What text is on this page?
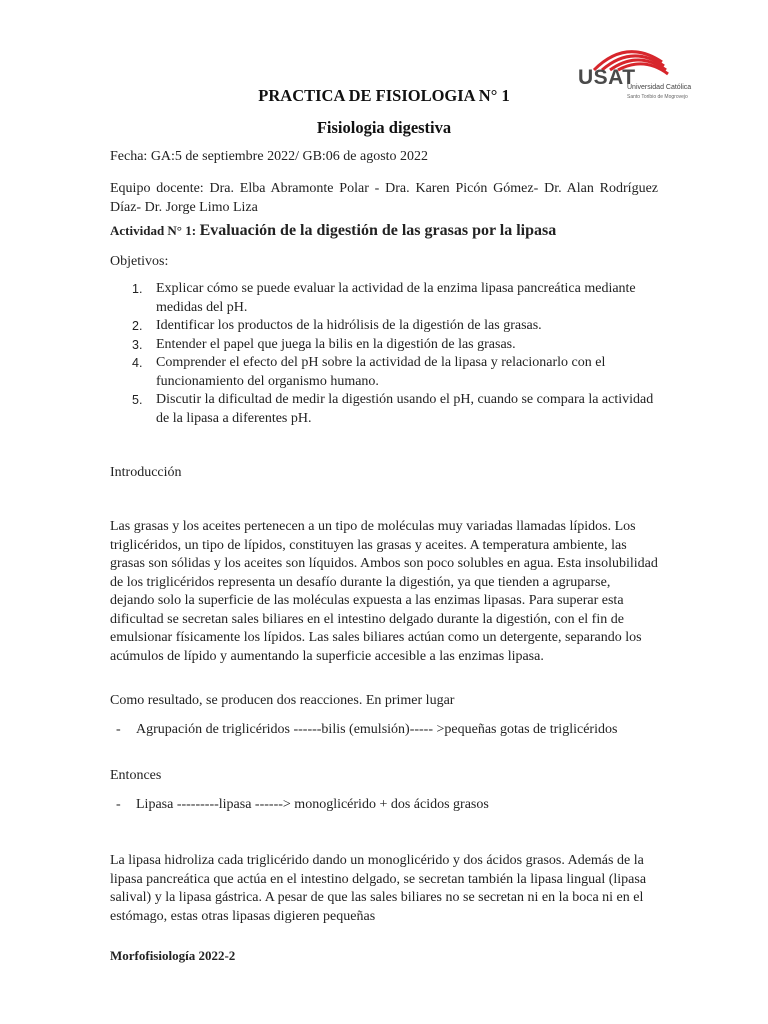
USAT
Universidad Católica
Santo Toribio de Mogrovejo
PRACTICA DE FISIOLOGIA N° 1
Fisiologia digestiva
Fecha: GA:5 de septiembre 2022/ GB:06 de agosto 2022
Equipo docente: Dra. Elba Abramonte Polar - Dra. Karen Picón Gómez- Dr. Alan Rodríguez Díaz- Dr. Jorge Limo Liza
Actividad N° 1: Evaluación de la digestión de las grasas por la lipasa
Objetivos:
1. Explicar cómo se puede evaluar la actividad de la enzima lipasa pancreática mediante medidas del pH.
2. Identificar los productos de la hidrólisis de la digestión de las grasas.
3. Entender el papel que juega la bilis en la digestión de las grasas.
4. Comprender el efecto del pH sobre la actividad de la lipasa y relacionarlo con el funcionamiento del organismo humano.
5. Discutir la dificultad de medir la digestión usando el pH, cuando se compara la actividad de la lipasa a diferentes pH.
Introducción
Las grasas y los aceites pertenecen a un tipo de moléculas muy variadas llamadas lípidos. Los triglicéridos, un tipo de lípidos, constituyen las grasas y aceites. A temperatura ambiente, las grasas son sólidas y los aceites son líquidos. Ambos son poco solubles en agua. Esta insolubilidad de los triglicéridos representa un desafío durante la digestión, ya que tienden a agruparse, dejando solo la superficie de las moléculas expuesta a las enzimas lipasas. Para superar esta dificultad se secretan sales biliares en el intestino delgado durante la digestión, con el fin de emulsionar físicamente los lípidos. Las sales biliares actúan como un detergente, separando los acúmulos de lípido y aumentando la superficie accesible a las enzimas lipasa.
Como resultado, se producen dos reacciones. En primer lugar
-	Agrupación de triglicéridos ------bilis (emulsión)----- >pequeñas gotas de triglicéridos
Entonces
-	Lipasa ---------lipasa ------> monoglicérido + dos ácidos grasos
La lipasa hidroliza cada triglicérido dando un monoglicérido y dos ácidos grasos. Además de la lipasa pancreática que actúa en el intestino delgado, se secretan también la lipasa lingual (lipasa salival) y la lipasa gástrica. A pesar de que las sales biliares no se secretan ni en la boca ni en el estómago, estas otras lipasas digieren pequeñas
Morfofisiología 2022-2
